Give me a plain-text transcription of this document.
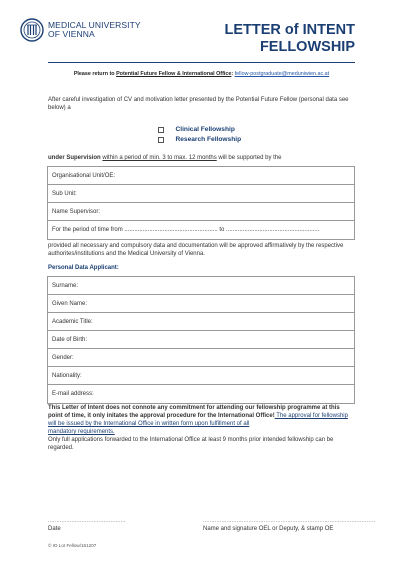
MEDICAL UNIVERSITY
OF VIENNA	LETTER of INTENT
FELLOWSHIP
Please return to Potential Future Fellow & International Office: fellow-postgraduate@meduniwien.ac.at
After careful investigation of CV and motivation letter presented by the Potential Future Fellow (personal data see below) a
Clinical Fellowship
Research Fellowship
under Supervision within a period of min. 3 to max. 12 months will be supported by the
Organisational Unit/OE:
Sub Unit:
Name Supervisor:
For the period of time from ........................................................ to ........................................................
provided all necessary and compulsory data and documentation will be approved affirmatively by the respective authorites/institutions and the Medical University of Vienna.
Personal Data Applicant:
Surname:
Given Name:
Academic Title:
Date of Birth:
Gender:
Nationality:
E-mail address:
This Letter of Intent does not connote any commitment for attending our fellowship programme at this point of time, it only initates the approval procedure for the International Office! The approval for fellowship will be issued by the International Office in written form upon fulfillment of all
mandatory requirements.
Only full applications forwarded to the International Office at least 9 months prior intended fellowship can be regarded.
..............................................	......................................................................................................
Date	Name and signature OEL or Deputy, & stamp OE
© IO LoI Fellow/161207
